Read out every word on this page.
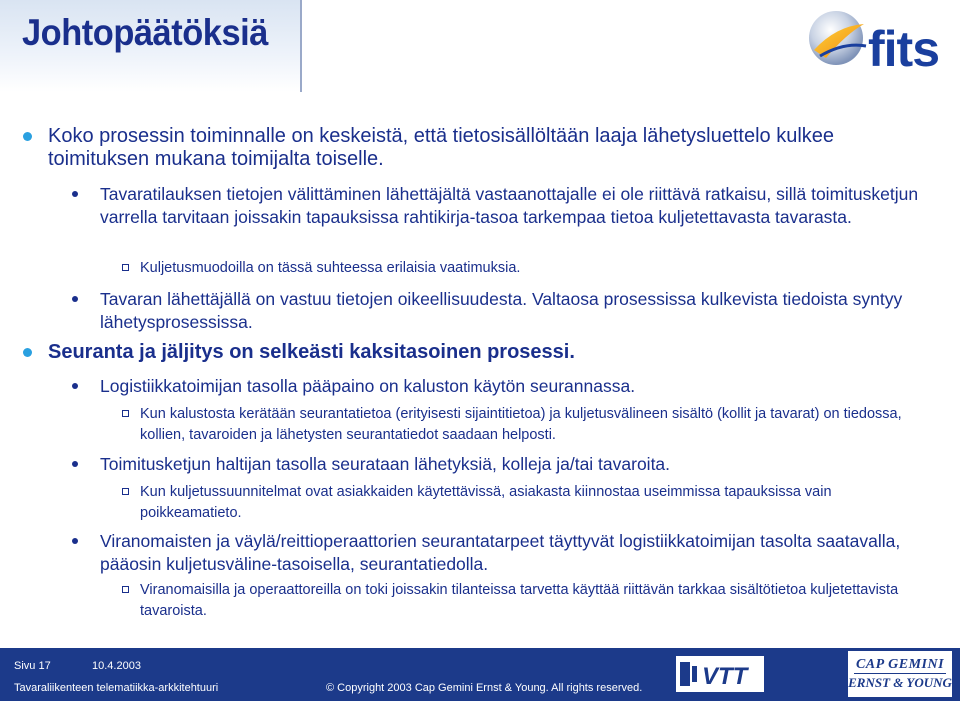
Johtopäätöksiä	fits
Koko prosessin toiminnalle on keskeistä, että tietosisällöltään laaja lähetysluettelo kulkee toimituksen mukana toimijalta toiselle.
Tavaratilauksen tietojen välittäminen lähettäjältä vastaanottajalle ei ole riittävä ratkaisu, sillä toimitusketjun varrella tarvitaan joissakin tapauksissa rahtikirja-tasoa tarkempaa tietoa kuljetettavasta tavarasta.
Kuljetusmuodoilla on tässä suhteessa erilaisia vaatimuksia.
Tavaran lähettäjällä on vastuu tietojen oikeellisuudesta. Valtaosa prosessissa kulkevista tiedoista syntyy lähetysprosessissa.
Seuranta ja jäljitys on selkeästi kaksitasoinen prosessi.
Logistiikkatoimijan tasolla pääpaino on kaluston käytön seurannassa.
Kun kalustosta kerätään seurantatietoa (erityisesti sijaintitietoa) ja kuljetusvälineen sisältö (kollit ja tavarat) on tiedossa, kollien, tavaroiden ja lähetysten seurantatiedot saadaan helposti.
Toimitusketjun haltijan tasolla seurataan lähetyksiä, kolleja ja/tai tavaroita.
Kun kuljetussuunnitelmat ovat asiakkaiden käytettävissä, asiakasta kiinnostaa useimmissa tapauksissa vain poikkeamatieto.
Viranomaisten ja väylä/reittioperaattorien seurantatarpeet täyttyvät logistiikkatoimijan tasolta saatavalla, pääosin kuljetusväline-tasoisella, seurantatiedolla.
Viranomaisilla ja operaattoreilla on toki joissakin tilanteissa tarvetta käyttää riittävän tarkkaa sisältötietoa kuljetettavista tavaroista.
Sivu 17	10.4.2003
Tavaraliikenteen telematiikka-arkkitehtuuri	© Copyright 2003 Cap Gemini Ernst & Young. All rights reserved. VTT	CAP GEMINI
ERNST & YOUNG
